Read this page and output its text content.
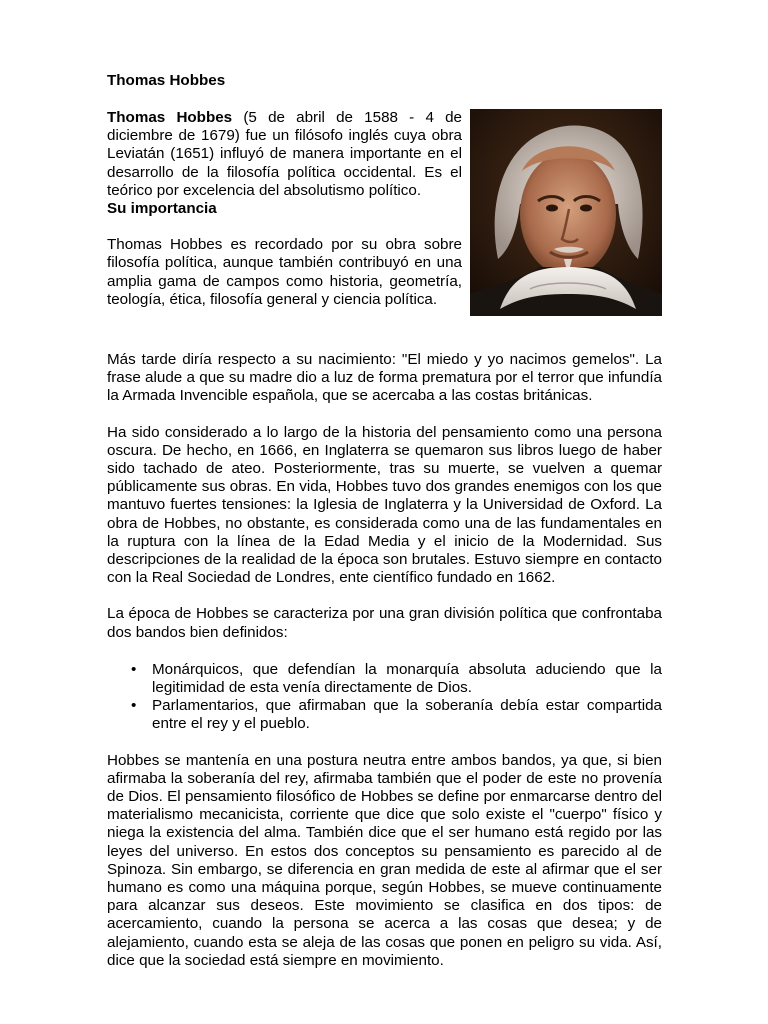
Thomas Hobbes

Thomas Hobbes (5 de abril de 1588 - 4 de diciembre de 1679) fue un filósofo inglés cuya obra Leviatán (1651) influyó de manera importante en el desarrollo de la filosofía política occidental. Es el teórico por excelencia del absolutismo político.

Su importancia

Thomas Hobbes es recordado por su obra sobre filosofía política, aunque también contribuyó en una amplia gama de campos como historia, geometría, teología, ética, filosofía general y ciencia política.

Más tarde diría respecto a su nacimiento: "El miedo y yo nacimos gemelos". La frase alude a que su madre dio a luz de forma prematura por el terror que infundía la Armada Invencible española, que se acercaba a las costas británicas.

Ha sido considerado a lo largo de la historia del pensamiento como una persona oscura. De hecho, en 1666, en Inglaterra se quemaron sus libros luego de haber sido tachado de ateo. Posteriormente, tras su muerte, se vuelven a quemar públicamente sus obras. En vida, Hobbes tuvo dos grandes enemigos con los que mantuvo fuertes tensiones: la Iglesia de Inglaterra y la Universidad de Oxford. La obra de Hobbes, no obstante, es considerada como una de las fundamentales en la ruptura con la línea de la Edad Media y el inicio de la Modernidad. Sus descripciones de la realidad de la época son brutales. Estuvo siempre en contacto con la Real Sociedad de Londres, ente científico fundado en 1662.

La época de Hobbes se caracteriza por una gran división política que confrontaba dos bandos bien definidos:

• Monárquicos, que defendían la monarquía absoluta aduciendo que la legitimidad de esta venía directamente de Dios.
• Parlamentarios, que afirmaban que la soberanía debía estar compartida entre el rey y el pueblo.

Hobbes se mantenía en una postura neutra entre ambos bandos, ya que, si bien afirmaba la soberanía del rey, afirmaba también que el poder de este no provenía de Dios. El pensamiento filosófico de Hobbes se define por enmarcarse dentro del materialismo mecanicista, corriente que dice que solo existe el "cuerpo" físico y niega la existencia del alma. También dice que el ser humano está regido por las leyes del universo. En estos dos conceptos su pensamiento es parecido al de Spinoza. Sin embargo, se diferencia en gran medida de este al afirmar que el ser humano es como una máquina porque, según Hobbes, se mueve continuamente para alcanzar sus deseos. Este movimiento se clasifica en dos tipos: de acercamiento, cuando la persona se acerca a las cosas que desea; y de alejamiento, cuando esta se aleja de las cosas que ponen en peligro su vida. Así, dice que la sociedad está siempre en movimiento.
